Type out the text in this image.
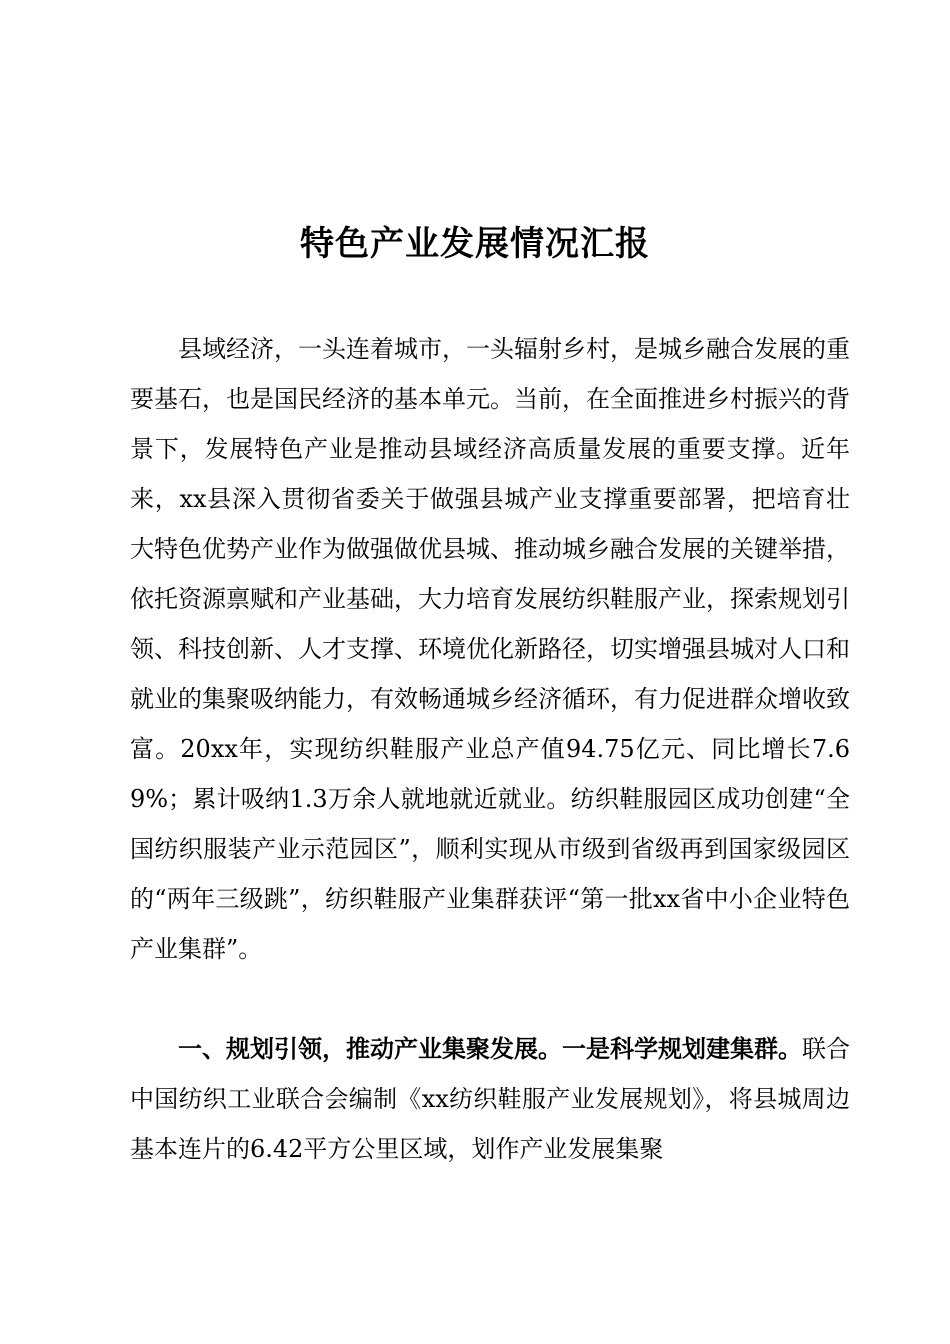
特色产业发展情况汇报

县域经济，一头连着城市，一头辐射乡村，是城乡融合发展的重要基石，也是国民经济的基本单元。当前，在全面推进乡村振兴的背景下，发展特色产业是推动县域经济高质量发展的重要支撑。近年来，xx县深入贯彻省委关于做强县城产业支撑重要部署，把培育壮大特色优势产业作为做强做优县城、推动城乡融合发展的关键举措，依托资源禀赋和产业基础，大力培育发展纺织鞋服产业，探索规划引领、科技创新、人才支撑、环境优化新路径，切实增强县城对人口和就业的集聚吸纳能力，有效畅通城乡经济循环，有力促进群众增收致富。20xx年，实现纺织鞋服产业总产值94.75亿元、同比增长7.69%；累计吸纳1.3万余人就地就近就业。纺织鞋服园区成功创建“全国纺织服装产业示范园区”，顺利实现从市级到省级再到国家级园区的“两年三级跳”，纺织鞋服产业集群获评“第一批xx省中小企业特色产业集群”。

一、规划引领，推动产业集聚发展。一是科学规划建集群。联合中国纺织工业联合会编制《xx纺织鞋服产业发展规划》，将县城周边基本连片的6.42平方公里区域，划作产业发展集聚
